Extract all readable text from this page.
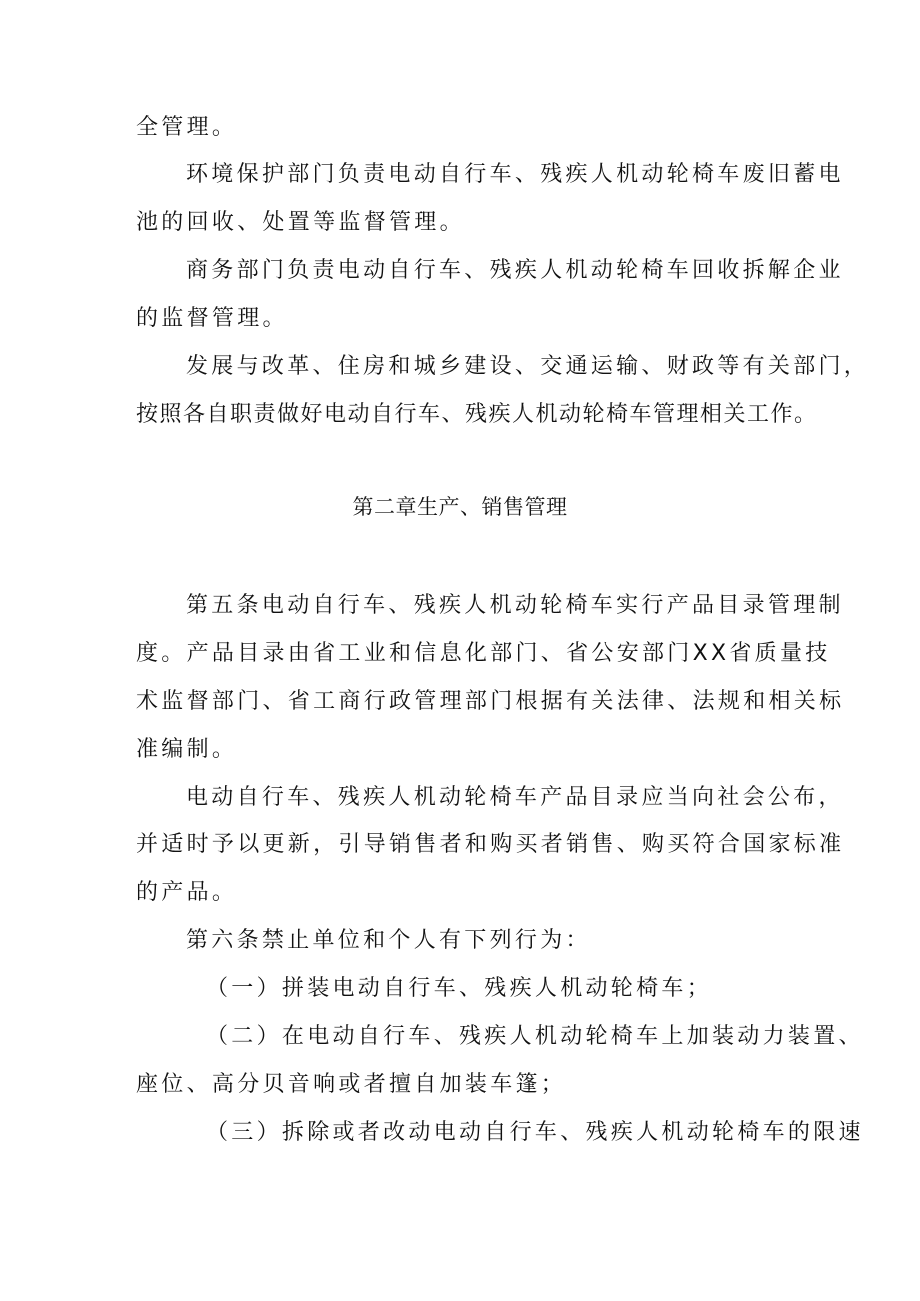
全管理。
环境保护部门负责电动自行车、残疾人机动轮椅车废旧蓄电
池的回收、处置等监督管理。
商务部门负责电动自行车、残疾人机动轮椅车回收拆解企业
的监督管理。
发展与改革、住房和城乡建设、交通运输、财政等有关部门，
按照各自职责做好电动自行车、残疾人机动轮椅车管理相关工作。
第二章生产、销售管理
第五条电动自行车、残疾人机动轮椅车实行产品目录管理制
度。产品目录由省工业和信息化部门、省公安部门XX省质量技
术监督部门、省工商行政管理部门根据有关法律、法规和相关标
准编制。
电动自行车、残疾人机动轮椅车产品目录应当向社会公布，
并适时予以更新，引导销售者和购买者销售、购买符合国家标准
的产品。
第六条禁止单位和个人有下列行为：
（一）拼装电动自行车、残疾人机动轮椅车；
（二）在电动自行车、残疾人机动轮椅车上加装动力装置、
座位、高分贝音响或者擅自加装车篷；
（三）拆除或者改动电动自行车、残疾人机动轮椅车的限速
